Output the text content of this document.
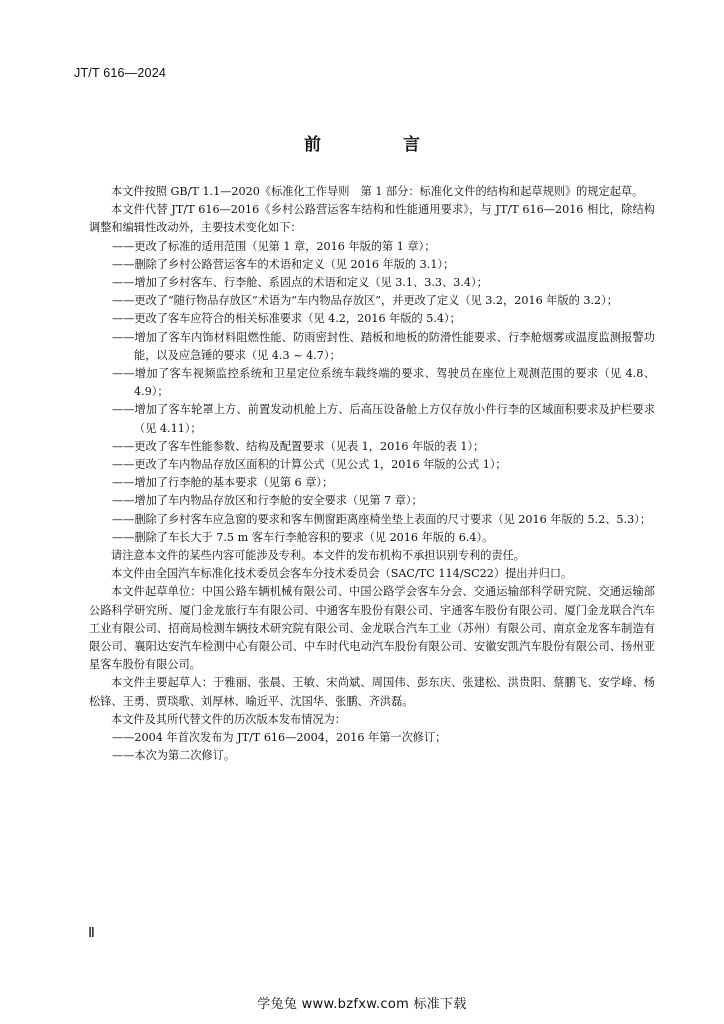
JT/T 616—2024
前 言

本文件按照 GB/T 1.1—2020《标准化工作导则　第 1 部分：标准化文件的结构和起草规则》的规定起草。

本文件代替 JT/T 616—2016《乡村公路营运客车结构和性能通用要求》，与 JT/T 616—2016 相比，除结构调整和编辑性改动外，主要技术变化如下：

——更改了标准的适用范围（见第 1 章，2016 年版的第 1 章）；

——删除了乡村公路营运客车的术语和定义（见 2016 年版的 3.1）；

——增加了乡村客车、行李舱、系固点的术语和定义（见 3.1、3.3、3.4）；

——更改了“随行物品存放区”术语为“车内物品存放区”，并更改了定义（见 3.2，2016 年版的 3.2）；

——更改了客车应符合的相关标准要求（见 4.2，2016 年版的 5.4）；

——增加了客车内饰材料阻燃性能、防雨密封性、踏板和地板的防滑性能要求、行李舱烟雾或温度监测报警功能，以及应急锤的要求（见 4.3 ~ 4.7）；

——增加了客车视频监控系统和卫星定位系统车载终端的要求、驾驶员在座位上观测范围的要求（见 4.8、4.9）；

——增加了客车轮罩上方、前置发动机舱上方、后高压设备舱上方仅存放小件行李的区域面积要求及护栏要求（见 4.11）；

——更改了客车性能参数、结构及配置要求（见表 1，2016 年版的表 1）；

——更改了车内物品存放区面积的计算公式（见公式 1，2016 年版的公式 1）；

——增加了行李舱的基本要求（见第 6 章）；

——增加了车内物品存放区和行李舱的安全要求（见第 7 章）；

——删除了乡村客车应急窗的要求和客车侧窗距离座椅坐垫上表面的尺寸要求（见 2016 年版的 5.2、5.3）；

——删除了车长大于 7.5 m 客车行李舱容积的要求（见 2016 年版的 6.4）。

请注意本文件的某些内容可能涉及专利。本文件的发布机构不承担识别专利的责任。

本文件由全国汽车标准化技术委员会客车分技术委员会（SAC/TC 114/SC22）提出并归口。

本文件起草单位：中国公路车辆机械有限公司、中国公路学会客车分会、交通运输部科学研究院、交通运输部公路科学研究所、厦门金龙旅行车有限公司、中通客车股份有限公司、宇通客车股份有限公司、厦门金龙联合汽车工业有限公司、招商局检测车辆技术研究院有限公司、金龙联合汽车工业（苏州）有限公司、南京金龙客车制造有限公司、襄阳达安汽车检测中心有限公司、中车时代电动汽车股份有限公司、安徽安凯汽车股份有限公司、扬州亚星客车股份有限公司。

本文件主要起草人：于雅丽、张晨、王敏、宋尚斌、周国伟、彭东庆、张建松、洪贵阳、蔡鹏飞、安学峰、杨松锋、王勇、贾琰歌、刘厚林、喻近平、沈国华、张鹏、齐洪磊。

本文件及其所代替文件的历次版本发布情况为：

——2004 年首次发布为 JT/T 616—2004，2016 年第一次修订；

——本次为第二次修订。

Ⅱ
学兔兔 www.bzfxw.com 标准下载
